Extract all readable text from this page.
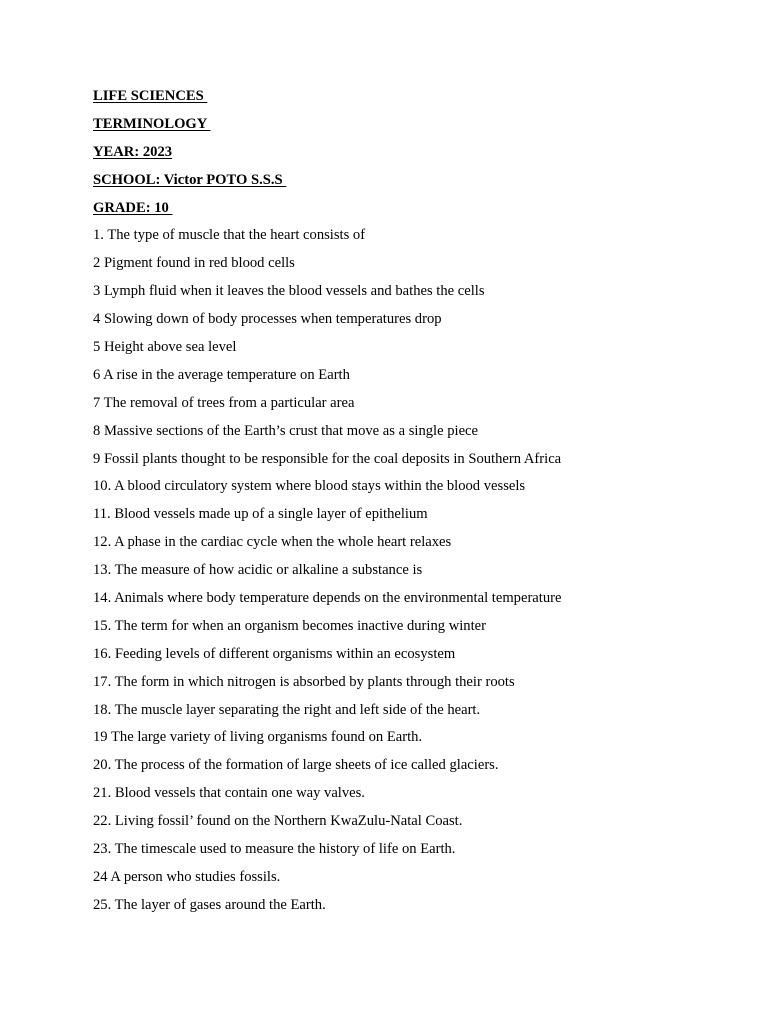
LIFE SCIENCES
TERMINOLOGY
YEAR: 2023
SCHOOL: Victor POTO S.S.S
GRADE: 10
1. The type of muscle that the heart consists of
2 Pigment found in red blood cells
3 Lymph fluid when it leaves the blood vessels and bathes the cells
4 Slowing down of body processes when temperatures drop
5 Height above sea level
6 A rise in the average temperature on Earth
7 The removal of trees from a particular area
8 Massive sections of the Earth’s crust that move as a single piece
9 Fossil plants thought to be responsible for the coal deposits in Southern Africa
10. A blood circulatory system where blood stays within the blood vessels
11. Blood vessels made up of a single layer of epithelium
12. A phase in the cardiac cycle when the whole heart relaxes
13. The measure of how acidic or alkaline a substance is
14. Animals where body temperature depends on the environmental temperature
15. The term for when an organism becomes inactive during winter
16. Feeding levels of different organisms within an ecosystem
17. The form in which nitrogen is absorbed by plants through their roots
18. The muscle layer separating the right and left side of the heart.
19 The large variety of living organisms found on Earth.
20. The process of the formation of large sheets of ice called glaciers.
21. Blood vessels that contain one way valves.
22. Living fossil’ found on the Northern KwaZulu-Natal Coast.
23. The timescale used to measure the history of life on Earth.
24 A person who studies fossils.
25. The layer of gases around the Earth.
